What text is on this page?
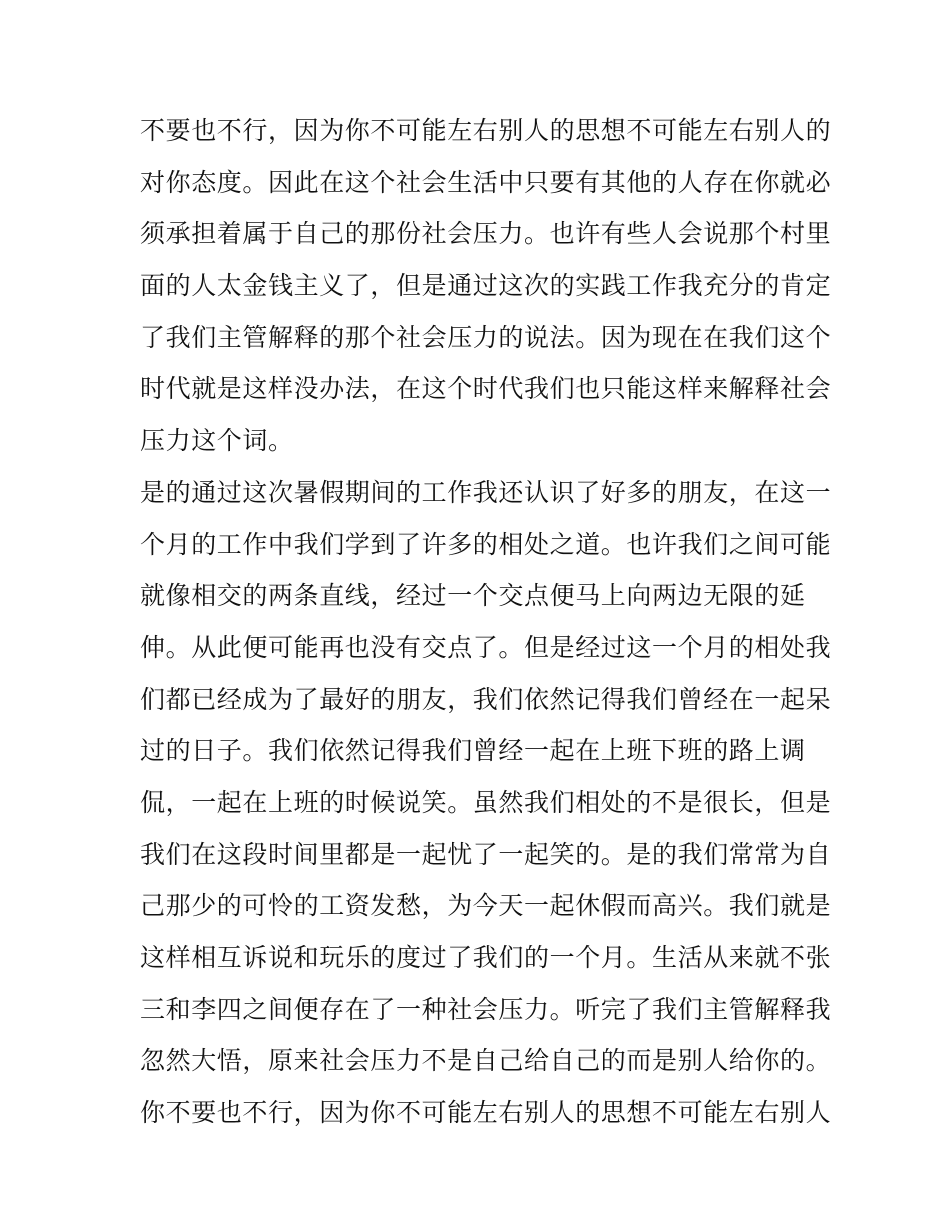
不要也不行，因为你不可能左右别人的思想不可能左右别人的
对你态度。因此在这个社会生活中只要有其他的人存在你就必
须承担着属于自己的那份社会压力。也许有些人会说那个村里
面的人太金钱主义了，但是通过这次的实践工作我充分的肯定
了我们主管解释的那个社会压力的说法。因为现在在我们这个
时代就是这样没办法，在这个时代我们也只能这样来解释社会
压力这个词。
是的通过这次暑假期间的工作我还认识了好多的朋友，在这一
个月的工作中我们学到了许多的相处之道。也许我们之间可能
就像相交的两条直线，经过一个交点便马上向两边无限的延
伸。从此便可能再也没有交点了。但是经过这一个月的相处我
们都已经成为了最好的朋友，我们依然记得我们曾经在一起呆
过的日子。我们依然记得我们曾经一起在上班下班的路上调
侃，一起在上班的时候说笑。虽然我们相处的不是很长，但是
我们在这段时间里都是一起忧了一起笑的。是的我们常常为自
己那少的可怜的工资发愁，为今天一起休假而高兴。我们就是
这样相互诉说和玩乐的度过了我们的一个月。生活从来就不张
三和李四之间便存在了一种社会压力。听完了我们主管解释我
忽然大悟，原来社会压力不是自己给自己的而是别人给你的。
你不要也不行，因为你不可能左右别人的思想不可能左右别人
